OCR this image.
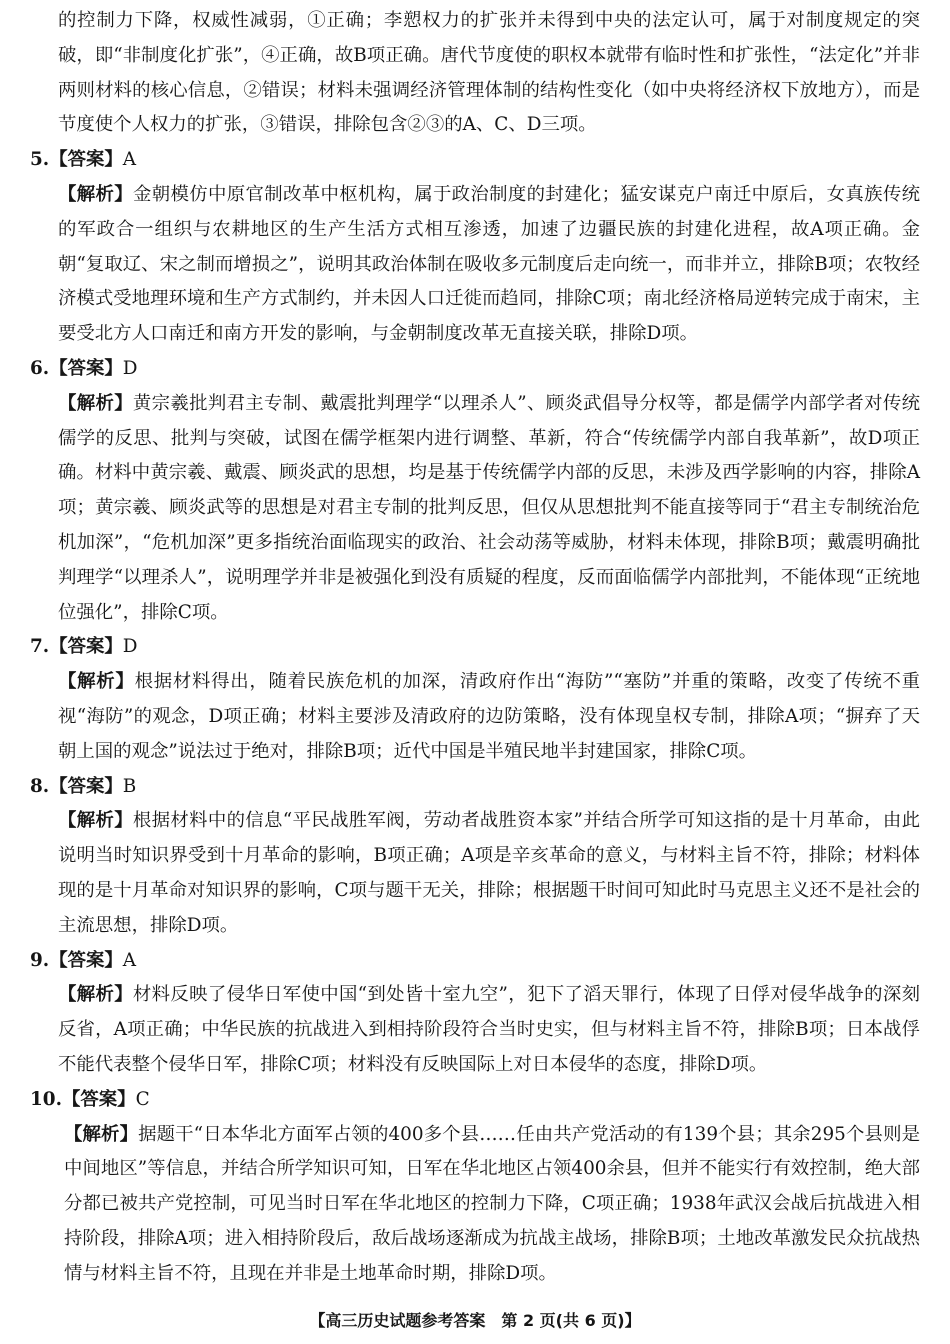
的控制力下降，权威性减弱，①正确；李愬权力的扩张并未得到中央的法定认可，属于对制度规定的突破，即“非制度化扩张”，④正确，故B项正确。唐代节度使的职权本就带有临时性和扩张性，“法定化”并非两则材料的核心信息，②错误；材料未强调经济管理体制的结构性变化（如中央将经济权下放地方），而是节度使个人权力的扩张，③错误，排除包含②③的A、C、D三项。

5.【答案】A

【解析】金朝模仿中原官制改革中枢机构，属于政治制度的封建化；猛安谋克户南迁中原后，女真族传统的军政合一组织与农耕地区的生产生活方式相互渗透，加速了边疆民族的封建化进程，故A项正确。金朝“复取辽、宋之制而增损之”，说明其政治体制在吸收多元制度后走向统一，而非并立，排除B项；农牧经济模式受地理环境和生产方式制约，并未因人口迁徙而趋同，排除C项；南北经济格局逆转完成于南宋，主要受北方人口南迁和南方开发的影响，与金朝制度改革无直接关联，排除D项。

6.【答案】D

【解析】黄宗羲批判君主专制、戴震批判理学“以理杀人”、顾炎武倡导分权等，都是儒学内部学者对传统儒学的反思、批判与突破，试图在儒学框架内进行调整、革新，符合“传统儒学内部自我革新”，故D项正确。材料中黄宗羲、戴震、顾炎武的思想，均是基于传统儒学内部的反思，未涉及西学影响的内容，排除A项；黄宗羲、顾炎武等的思想是对君主专制的批判反思，但仅从思想批判不能直接等同于“君主专制统治危机加深”，“危机加深”更多指统治面临现实的政治、社会动荡等威胁，材料未体现，排除B项；戴震明确批判理学“以理杀人”，说明理学并非是被强化到没有质疑的程度，反而面临儒学内部批判，不能体现“正统地位强化”，排除C项。

7.【答案】D

【解析】根据材料得出，随着民族危机的加深，清政府作出“海防”“塞防”并重的策略，改变了传统不重视“海防”的观念，D项正确；材料主要涉及清政府的边防策略，没有体现皇权专制，排除A项；“摒弃了天朝上国的观念”说法过于绝对，排除B项；近代中国是半殖民地半封建国家，排除C项。

8.【答案】B

【解析】根据材料中的信息“平民战胜军阀，劳动者战胜资本家”并结合所学可知这指的是十月革命，由此说明当时知识界受到十月革命的影响，B项正确；A项是辛亥革命的意义，与材料主旨不符，排除；材料体现的是十月革命对知识界的影响，C项与题干无关，排除；根据题干时间可知此时马克思主义还不是社会的主流思想，排除D项。

9.【答案】A

【解析】材料反映了侵华日军使中国“到处皆十室九空”，犯下了滔天罪行，体现了日俘对侵华战争的深刻反省，A项正确；中华民族的抗战进入到相持阶段符合当时史实，但与材料主旨不符，排除B项；日本战俘不能代表整个侵华日军，排除C项；材料没有反映国际上对日本侵华的态度，排除D项。

10.【答案】C

【解析】据题干“日本华北方面军占领的400多个县……任由共产党活动的有139个县；其余295个县则是中间地区”等信息，并结合所学知识可知，日军在华北地区占领400余县，但并不能实行有效控制，绝大部分都已被共产党控制，可见当时日军在华北地区的控制力下降，C项正确；1938年武汉会战后抗战进入相持阶段，排除A项；进入相持阶段后，敌后战场逐渐成为抗战主战场，排除B项；土地改革激发民众抗战热情与材料主旨不符，且现在并非是土地革命时期，排除D项。

【高三历史试题参考答案　第 2 页(共 6 页)】
